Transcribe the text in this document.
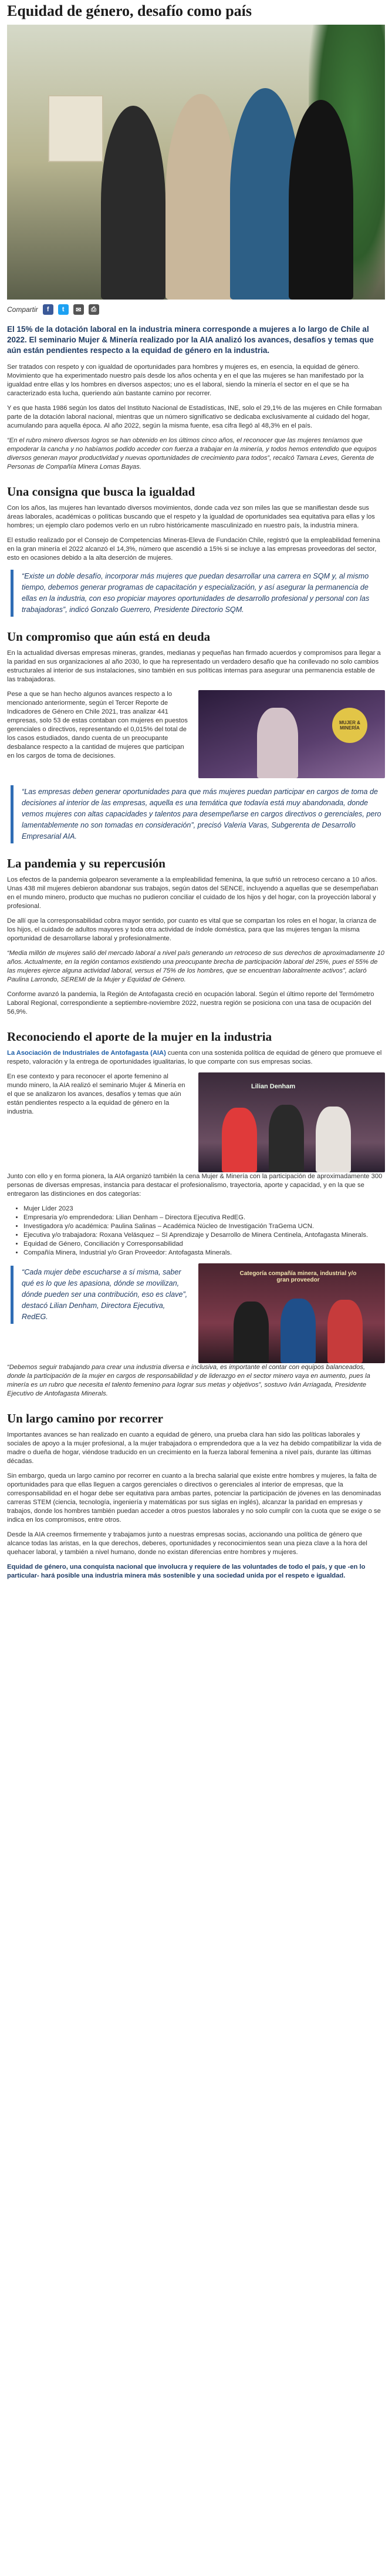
Equidad de género, desafío como país
Compartir	f	t	✉	⎙
El 15% de la dotación laboral en la industria minera corresponde a mujeres a lo largo de Chile al 2022. El seminario Mujer & Minería realizado por la AIA analizó los avances, desafíos y temas que aún están pendientes respecto a la equidad de género en la industria.

Ser tratados con respeto y con igualdad de oportunidades para hombres y mujeres es, en esencia, la equidad de género. Movimiento que ha experimentado nuestro país desde los años ochenta y en el que las mujeres se han manifestado por la igualdad entre ellas y los hombres en diversos aspectos; uno es el laboral, siendo la minería el sector en el que se ha caracterizado esta lucha, queriendo aún bastante camino por recorrer.

Y es que hasta 1986 según los datos del Instituto Nacional de Estadísticas, INE, solo el 29,1% de las mujeres en Chile formaban parte de la dotación laboral nacional, mientras que un número significativo se dedicaba exclusivamente al cuidado del hogar, acumulando para aquella época. Al año 2022, según la misma fuente, esa cifra llegó al 48,3% en el país.

“En el rubro minero diversos logros se han obtenido en los últimos cinco años, el reconocer que las mujeres teníamos que empoderar la cancha y no habíamos podido acceder con fuerza a trabajar en la minería, y todos hemos entendido que equipos diversos generan mayor productividad y nuevas oportunidades de crecimiento para todos”, recalcó Tamara Leves, Gerenta de Personas de Compañía Minera Lomas Bayas.

Una consigna que busca la igualdad

Con los años, las mujeres han levantado diversos movimientos, donde cada vez son miles las que se manifiestan desde sus áreas laborales, académicas o políticas buscando que el respeto y la igualdad de oportunidades sea equitativa para ellas y los hombres; un ejemplo claro podemos verlo en un rubro históricamente masculinizado en nuestro país, la industria minera.

El estudio realizado por el Consejo de Competencias Mineras-Eleva de Fundación Chile, registró que la empleabilidad femenina en la gran minería el 2022 alcanzó el 14,3%, número que ascendió a 15% si se incluye a las empresas proveedoras del sector, esto en ocasiones debido a la alta deserción de mujeres.

“Existe un doble desafío, incorporar más mujeres que puedan desarrollar una carrera en SQM y, al mismo tiempo, debemos generar programas de capacitación y especialización, y así asegurar la permanencia de ellas en la industria, con eso propiciar mayores oportunidades de desarrollo profesional y personal con las trabajadoras”, indicó Gonzalo Guerrero, Presidente Directorio SQM.
Un compromiso que aún está en deuda

En la actualidad diversas empresas mineras, grandes, medianas y pequeñas han firmado acuerdos y compromisos para llegar a la paridad en sus organizaciones al año 2030, lo que ha representado un verdadero desafío que ha conllevado no solo cambios estructurales al interior de sus instalaciones, sino también en sus políticas internas para asegurar una permanencia estable de las trabajadoras.

Pese a que se han hecho algunos avances respecto a lo mencionado anteriormente, según el Tercer Reporte de Indicadores de Género en Chile 2021, tras analizar 441 empresas, solo 53 de estas contaban con mujeres en puestos gerenciales o directivos, representando el 0,015% del total de los casos estudiados, dando cuenta de un preocupante desbalance respecto a la cantidad de mujeres que participan en los cargos de toma de decisiones.

MUJER & MINERÍA
“Las empresas deben generar oportunidades para que más mujeres puedan participar en cargos de toma de decisiones al interior de las empresas, aquella es una temática que todavía está muy abandonada, donde vemos mujeres con altas capacidades y talentos para desempeñarse en cargos directivos o gerenciales, pero lamentablemente no son tomadas en consideración”, precisó Valeria Varas, Subgerenta de Desarrollo Empresarial AIA.
La pandemia y su repercusión

Los efectos de la pandemia golpearon severamente a la empleabilidad femenina, la que sufrió un retroceso cercano a 10 años. Unas 438 mil mujeres debieron abandonar sus trabajos, según datos del SENCE, incluyendo a aquellas que se desempeñaban en el mundo minero, producto que muchas no pudieron conciliar el cuidado de los hijos y del hogar, con la proyección laboral y profesional.

De allí que la corresponsabilidad cobra mayor sentido, por cuanto es vital que se compartan los roles en el hogar, la crianza de los hijos, el cuidado de adultos mayores y toda otra actividad de índole doméstica, para que las mujeres tengan la misma oportunidad de desarrollarse laboral y profesionalmente.

“Media millón de mujeres salió del mercado laboral a nivel país generando un retroceso de sus derechos de aproximadamente 10 años. Actualmente, en la región contamos existiendo una preocupante brecha de participación laboral del 25%, pues el 55% de las mujeres ejerce alguna actividad laboral, versus el 75% de los hombres, que se encuentran laboralmente activos”, aclaró Paulina Larrondo, SEREMI de la Mujer y Equidad de Género.

Conforme avanzó la pandemia, la Región de Antofagasta creció en ocupación laboral. Según el último reporte del Termómetro Laboral Regional, correspondiente a septiembre-noviembre 2022, nuestra región se posiciona con una tasa de ocupación del 56,9%.

Reconociendo el aporte de la mujer en la industria

La Asociación de Industriales de Antofagasta (AIA) cuenta con una sostenida política de equidad de género que promueve el respeto, valoración y la entrega de oportunidades igualitarias, lo que comparte con sus empresas socias.

En ese contexto y para reconocer el aporte femenino al mundo minero, la AIA realizó el seminario Mujer & Minería en el que se analizaron los avances, desafíos y temas que aún están pendientes respecto a la equidad de género en la industria.

Lilian Denham

Junto con ello y en forma pionera, la AIA organizó también la cena Mujer & Minería con la participación de aproximadamente 300 personas de diversas empresas, instancia para destacar el profesionalismo, trayectoria, aporte y capacidad, y en la que se entregaron las distinciones en dos categorías:

• Mujer Líder 2023
• Empresaria y/o emprendedora: Lilian Denham – Directora Ejecutiva RedEG.
• Investigadora y/o académica: Paulina Salinas – Académica Núcleo de Investigación TraGema UCN.
• Ejecutiva y/o trabajadora: Roxana Velásquez – SI Aprendizaje y Desarrollo de Minera Centinela, Antofagasta Minerals.
• Equidad de Género, Conciliación y Corresponsabilidad
• Compañía Minera, Industrial y/o Gran Proveedor: Antofagasta Minerals.
“Cada mujer debe escucharse a sí misma, saber qué es lo que les apasiona, dónde se movilizan, dónde pueden ser una contribución, eso es clave”, destacó Lilian Denham, Directora Ejecutiva, RedEG.
Categoría compañía minera, industrial y/o gran proveedor

“Debemos seguir trabajando para crear una industria diversa e inclusiva, es importante el contar con equipos balanceados, donde la participación de la mujer en cargos de responsabilidad y de liderazgo en el sector minero vaya en aumento, pues la minería es un rubro que necesita el talento femenino para lograr sus metas y objetivos”, sostuvo Iván Arriagada, Presidente Ejecutivo de Antofagasta Minerals.

Un largo camino por recorrer

Importantes avances se han realizado en cuanto a equidad de género, una prueba clara han sido las políticas laborales y sociales de apoyo a la mujer profesional, a la mujer trabajadora o emprendedora que a la vez ha debido compatibilizar la vida de madre o dueña de hogar, viéndose traducido en un crecimiento en la fuerza laboral femenina a nivel país, durante las últimas décadas.

Sin embargo, queda un largo camino por recorrer en cuanto a la brecha salarial que existe entre hombres y mujeres, la falta de oportunidades para que ellas lleguen a cargos gerenciales o directivos o gerenciales al interior de empresas, que la corresponsabilidad en el hogar debe ser equitativa para ambas partes, potenciar la participación de jóvenes en las denominadas carreras STEM (ciencia, tecnología, ingeniería y matemáticas por sus siglas en inglés), alcanzar la paridad en empresas y trabajos, donde los hombres también puedan acceder a otros puestos laborales y no solo cumplir con la cuota que se exige o se indica en los compromisos, entre otros.

Desde la AIA creemos firmemente y trabajamos junto a nuestras empresas socias, accionando una política de género que alcance todas las aristas, en la que derechos, deberes, oportunidades y reconocimientos sean una pieza clave a la hora del quehacer laboral, y también a nivel humano, donde no existan diferencias entre hombres y mujeres.

Equidad de género, una conquista nacional que involucra y requiere de las voluntades de todo el país, y que -en lo particular- hará posible una industria minera más sostenible y una sociedad unida por el respeto e igualdad.
